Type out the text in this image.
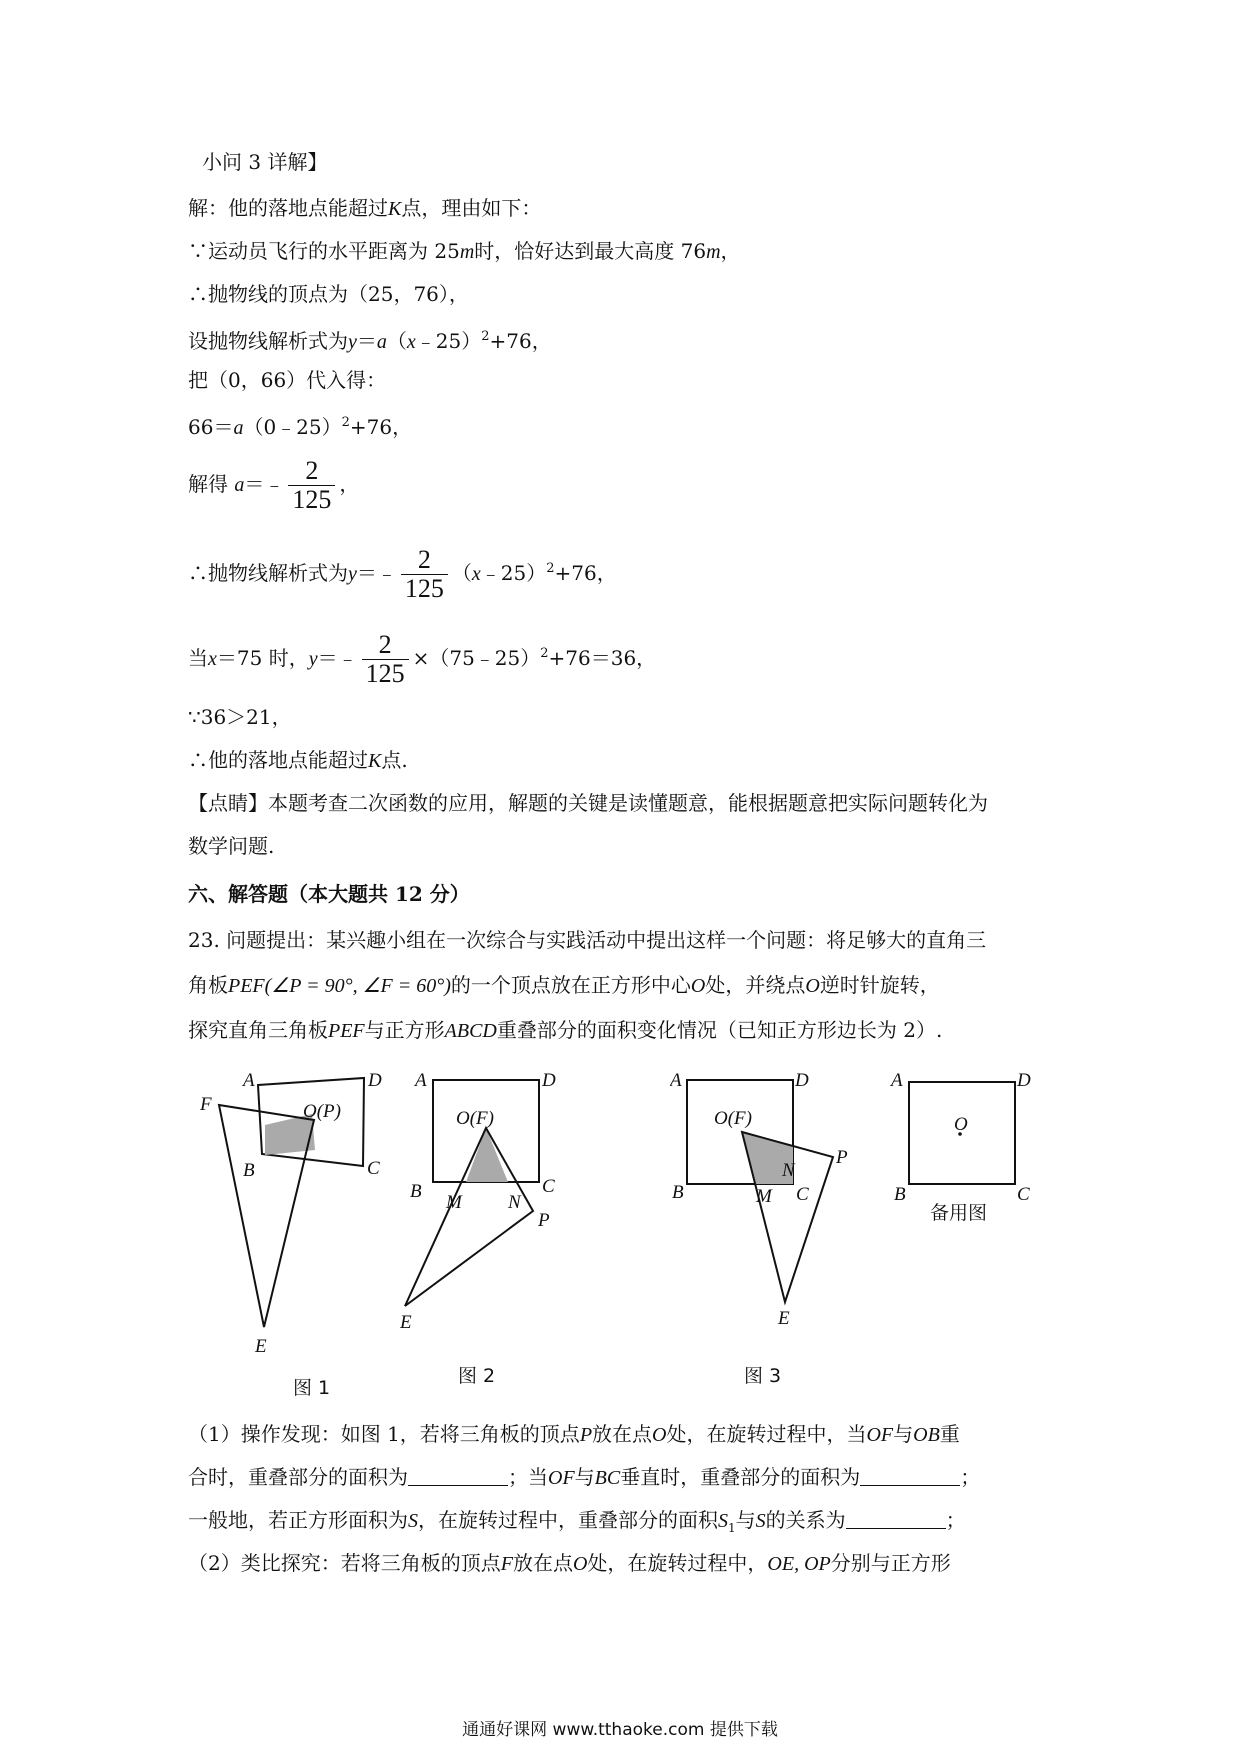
小问 3 详解】
解：他的落地点能超过K点，理由如下：
∵运动员飞行的水平距离为 25m时，恰好达到最大高度 76m，
∴抛物线的顶点为（25，76），
设抛物线解析式为y＝a（x﹣25）$^2$+76，
把（0，66）代入得：
66＝a（0﹣25）$^2$+76，
解得 a＝﹣ $\frac{2}{125}$ ，
∴抛物线解析式为y＝﹣ $\frac{2}{125}$ （x﹣25）$^2$+76，
当x＝75 时，y＝﹣ $\frac{2}{125}$ ×（75﹣25）$^2$+76＝36，
∵36＞21，
∴他的落地点能超过K点.
【点睛】本题考查二次函数的应用，解题的关键是读懂题意，能根据题意把实际问题转化为
数学问题.
六、解答题（本大题共 12 分）
23. 问题提出：某兴趣小组在一次综合与实践活动中提出这样一个问题：将足够大的直角三
角板PEF(∠P = 90°, ∠F = 60°)的一个顶点放在正方形中心O处，并绕点O逆时针旋转，
探究直角三角板PEF与正方形ABCD重叠部分的面积变化情况（已知正方形边长为 2）.
A	D
F	O(P)
B	C
E
图 1
A	D
O(F)
B	C
M N
P
E
图 2
A	D
O(F)
N
P
B	M C
E
图 3
A	D
O
B	C
备用图
（1）操作发现：如图 1，若将三角板的顶点P放在点O处，在旋转过程中，当OF与OB重
合时，重叠部分的面积为	；当OF与BC垂直时，重叠部分的面积为	；
一般地，若正方形面积为S，在旋转过程中，重叠部分的面积$S_1$与S的关系为	；
（2）类比探究：若将三角板的顶点F放在点O处，在旋转过程中，OE, OP分别与正方形
通通好课网 www.tthaoke.com 提供下载
